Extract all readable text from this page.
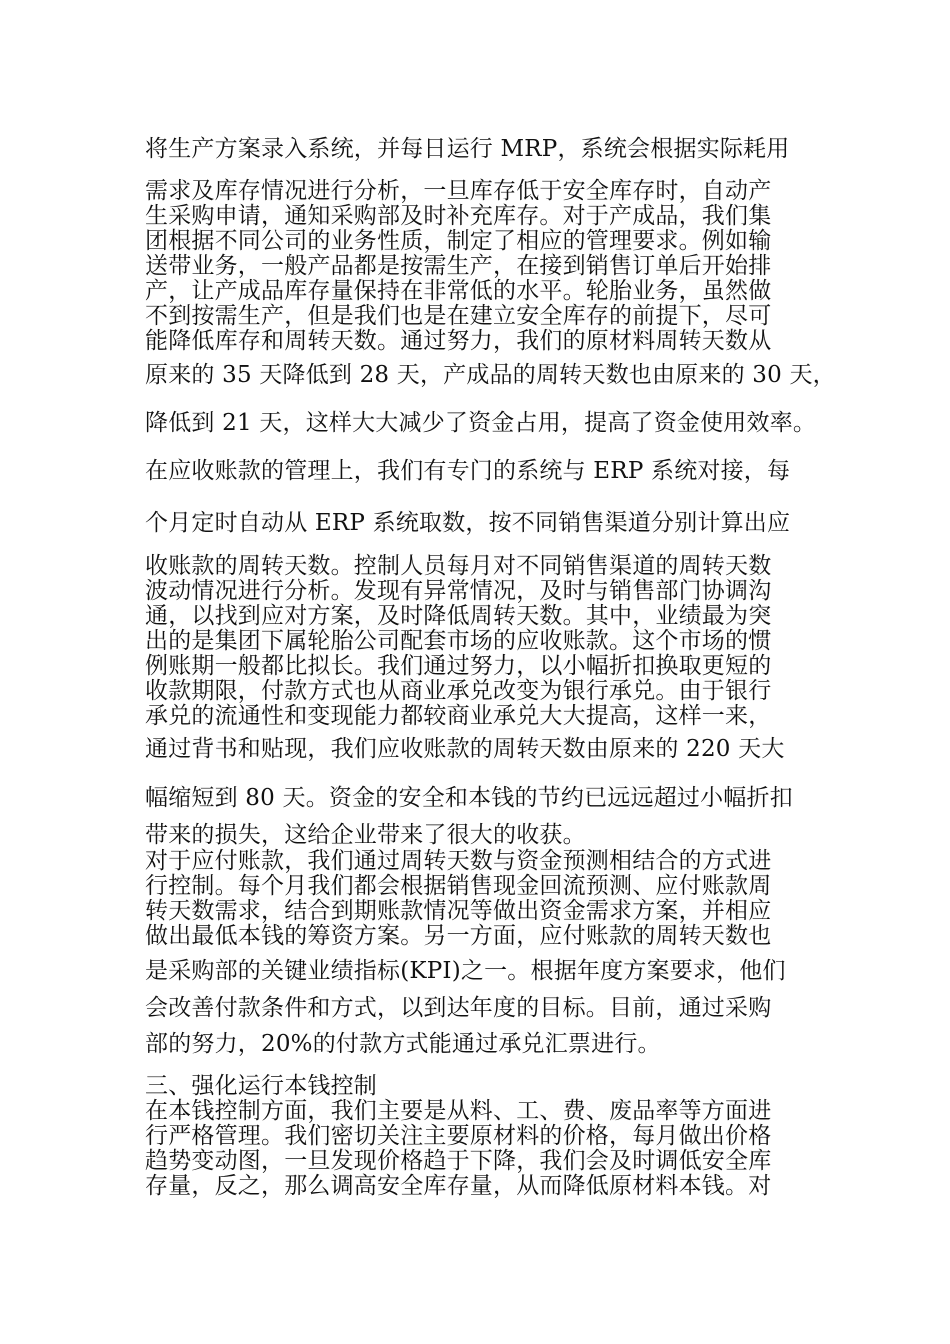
将生产方案录入系统，并每日运行 MRP，系统会根据实际耗用
需求及库存情况进行分析，一旦库存低于安全库存时，自动产
生采购申请，通知采购部及时补充库存。对于产成品，我们集
团根据不同公司的业务性质，制定了相应的管理要求。例如输
送带业务，一般产品都是按需生产，在接到销售订单后开始排
产，让产成品库存量保持在非常低的水平。轮胎业务，虽然做
不到按需生产，但是我们也是在建立安全库存的前提下，尽可
能降低库存和周转天数。通过努力，我们的原材料周转天数从
原来的 35 天降低到 28 天，产成品的周转天数也由原来的 30 天，
降低到 21 天，这样大大减少了资金占用，提高了资金使用效率。
在应收账款的管理上，我们有专门的系统与 ERP 系统对接，每
个月定时自动从 ERP 系统取数，按不同销售渠道分别计算出应
收账款的周转天数。控制人员每月对不同销售渠道的周转天数
波动情况进行分析。发现有异常情况，及时与销售部门协调沟
通，以找到应对方案，及时降低周转天数。其中，业绩最为突
出的是集团下属轮胎公司配套市场的应收账款。这个市场的惯
例账期一般都比拟长。我们通过努力，以小幅折扣换取更短的
收款期限，付款方式也从商业承兑改变为银行承兑。由于银行
承兑的流通性和变现能力都较商业承兑大大提高，这样一来，
通过背书和贴现，我们应收账款的周转天数由原来的 220 天大
幅缩短到 80 天。资金的安全和本钱的节约已远远超过小幅折扣
带来的损失，这给企业带来了很大的收获。
对于应付账款，我们通过周转天数与资金预测相结合的方式进
行控制。每个月我们都会根据销售现金回流预测、应付账款周
转天数需求，结合到期账款情况等做出资金需求方案，并相应
做出最低本钱的筹资方案。另一方面，应付账款的周转天数也
是采购部的关键业绩指标(KPI)之一。根据年度方案要求，他们
会改善付款条件和方式，以到达年度的目标。目前，通过采购
部的努力，20%的付款方式能通过承兑汇票进行。
三、强化运行本钱控制
在本钱控制方面，我们主要是从料、工、费、废品率等方面进
行严格管理。我们密切关注主要原材料的价格，每月做出价格
趋势变动图，一旦发现价格趋于下降，我们会及时调低安全库
存量，反之，那么调高安全库存量，从而降低原材料本钱。对
